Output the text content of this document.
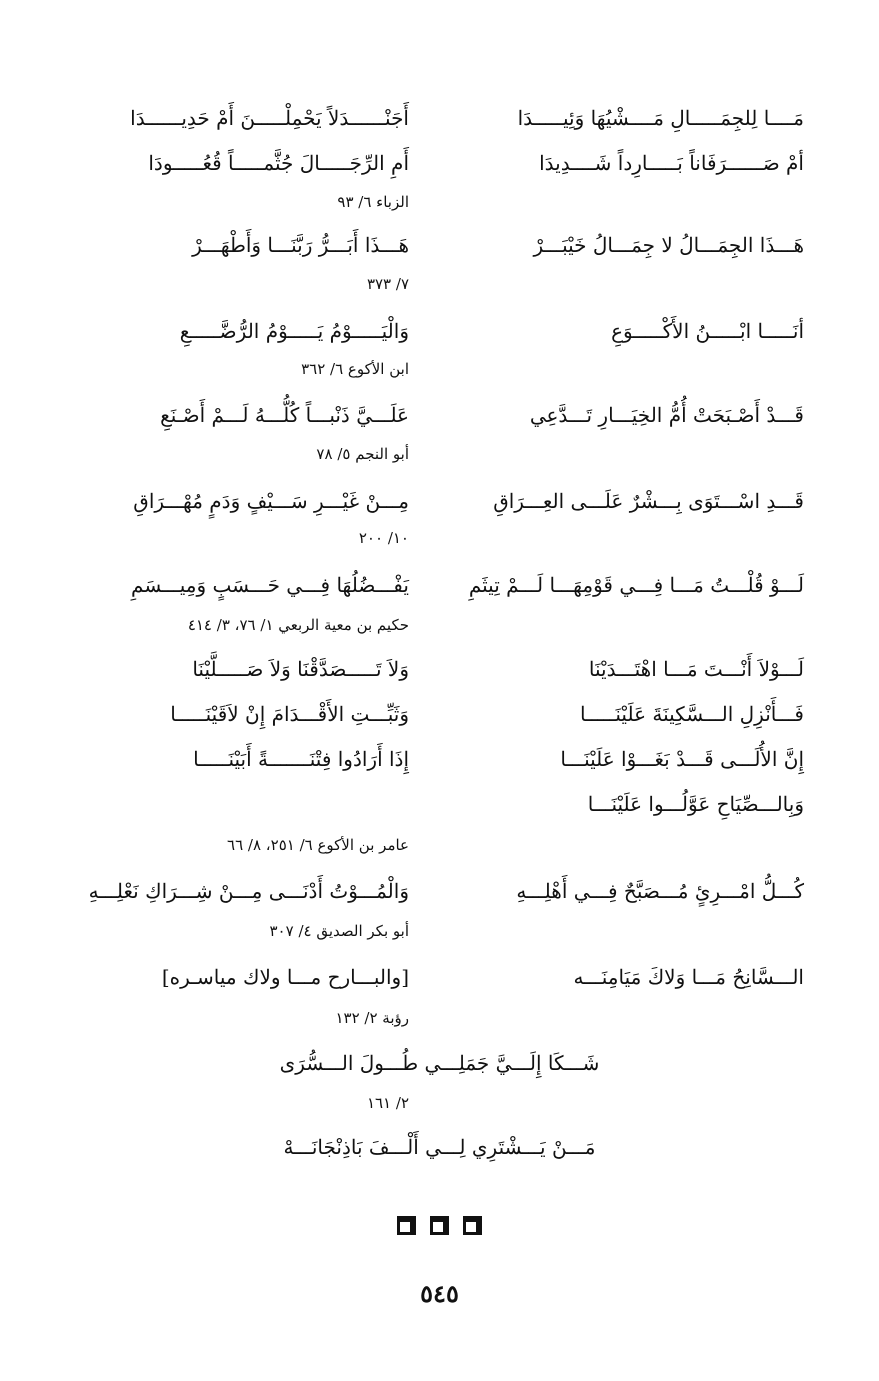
مَــــا لِلجِمَـــــالِ مَــــشْيُهَا وَئِيـــــدَا
أَجَنْــــــدَلاً يَحْمِلْـــــنَ أَمْ حَدِيــــــدَا
أمْ صَــــــرَفَاناً بَـــــارِداً شَــــدِيدَا
أَمِ الرِّجَـــــالَ جُثَّمـــــاً قُعُـــــودَا
الزباء ٦/ ٩٣
هَـــذَا الجِمَـــالُ لا جِمَـــالُ خَيْبَـــرْ
هَـــذَا أَبَـــرُّ رَبَّنَـــا وَأَطْهَـــرْ
٧/ ٣٧٣
أنَـــــا ابْـــــنُ الأَكْـــــوَعِ
وَالْيَـــــوْمُ يَـــــوْمُ الرُّضَّـــــعِ
ابن الأكوع ٦/ ٣٦٢
قَـــدْ أَصْـبَحَتْ أُمُّ الخِيَـــارِ تَـــدَّعِي
عَلَـــيَّ ذَنْبـــاً كُلُّـــهُ لَـــمْ أَصْـنَعِ
أبو النجم ٥/ ٧٨
قَـــدِ اسْـــتَوَى بِـــشْرٌ عَلَـــى العِـــرَاقِ
مِـــنْ غَيْـــرِ سَـــيْفٍ وَدَمٍ مُهْـــرَاقِ
١٠/ ٢٠٠
لَـــوْ قُلْـــتُ مَـــا فِـــي قَوْمِهَـــا لَـــمْ تِيثَمِ
يَفْـــضُلُهَا فِـــي حَـــسَبٍ وَمِيـــسَمِ
حكيم بن معية الربعي ١/ ٧٦، ٣/ ٤١٤
لَـــوْلاَ أَنْـــتَ مَـــا اهْتَـــدَيْنَا
وَلاَ تَـــــصَدَّقْنَا وَلاَ صَـــــلَّيْنَا
فَـــأَنْزِلِ الـــسَّكِينَةَ عَلَيْنَـــــا
وَثَبِّـــتِ الأَقْـــدَامَ إِنْ لاَقَيْنَـــــا
إِنَّ الأُلَـــى قَـــدْ بَغَـــوْا عَلَيْنَـــا
إِذَا أَرَادُوا فِتْنَـــــــةً أَبَيْنَـــــا
وَبِالـــصِّيَاحِ عَوَّلُـــوا عَلَيْنَـــا
عامر بن الأكوع ٦/ ٢٥١، ٨/ ٦٦
كُـــلُّ امْـــرِئٍ مُـــصَبَّحٌ فِـــي أَهْلِـــهِ
وَالْمُـــوْتُ أَدْنَـــى مِـــنْ شِـــرَاكِ نَعْلِـــهِ
أبو بكر الصديق ٤/ ٣٠٧
الـــسَّانِحُ مَـــا وَلاكَ مَيَامِنَـــه
[والبـــارح مـــا ولاك مياسـره]
رؤبة ٢/ ١٣٢
شَـــكَا إِلَـــيَّ جَمَلِـــي طُـــولَ الـــسُّرَى
٢/ ١٦١
مَـــنْ يَـــشْتَرِي لِـــي أَلْـــفَ بَاذِنْجَانَـــهْ
٥٤٥
